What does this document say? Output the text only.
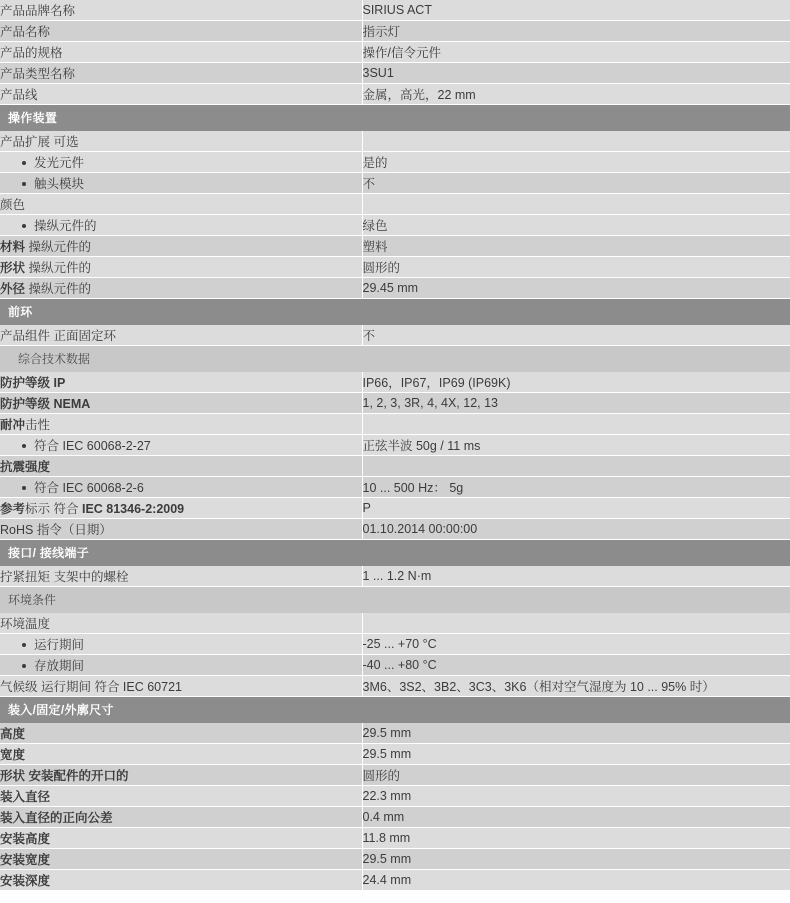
产品品牌名称	SIRIUS ACT
产品名称	指示灯
产品的规格	操作/信令元件
产品类型名称	3SU1
产品线	金属，高光，22 mm
操作装置	
产品扩展 可选	
发光元件	是的
触头模块	不
颜色	
操纵元件的	绿色
材料 操纵元件的	塑料
形状 操纵元件的	圆形的
外径 操纵元件的	29.45 mm
前环	
产品组件 正面固定环	不
综合技术数据	
防护等级 IP	IP66，IP67，IP69 (IP69K)
防护等级 NEMA	1, 2, 3, 3R, 4, 4X, 12, 13
耐冲击性	
符合 IEC 60068-2-27	正弦半波 50g / 11 ms
抗震强度	
符合 IEC 60068-2-6	10 ... 500 Hz： 5g
参考标示 符合 IEC 81346-2:2009	P
RoHS 指令（日期）	01.10.2014 00:00:00
接口/ 接线端子	
拧紧扭矩 支架中的螺栓	1 ... 1.2 N·m
环境条件	
环境温度	
运行期间	-25 ... +70 °C
存放期间	-40 ... +80 °C
气候级 运行期间 符合 IEC 60721	3M6、3S2、3B2、3C3、3K6（相对空气湿度为 10 ... 95% 时）
装入/固定/外廓尺寸	
高度	29.5 mm
宽度	29.5 mm
形状 安装配件的开口的	圆形的
装入直径	22.3 mm
装入直径的正向公差	0.4 mm
安装高度	11.8 mm
安装宽度	29.5 mm
安装深度	24.4 mm
